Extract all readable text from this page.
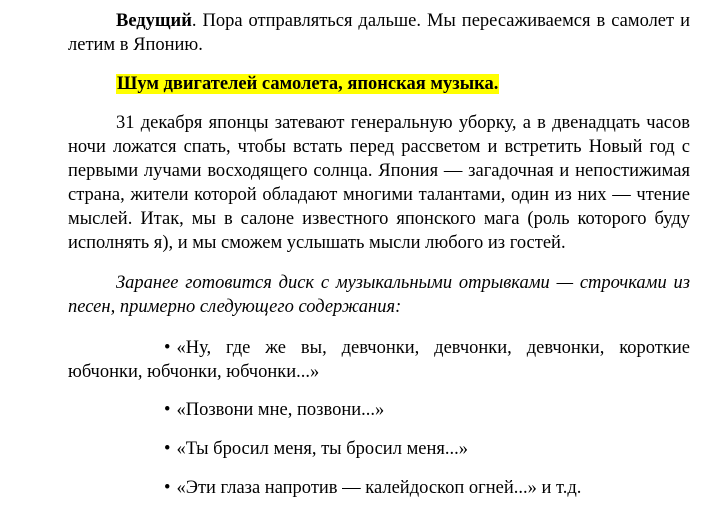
Ведущий. Пора отправляться дальше. Мы пересаживаемся в самолет и летим в Японию.

Шум двигателей самолета, японская музыка.

31 декабря японцы затевают генеральную уборку, а в двенадцать часов ночи ложатся спать, чтобы встать перед рассветом и встретить Новый год с первыми лучами восходящего солнца. Япония — загадочная и непостижимая страна, жители которой обладают многими талантами, один из них — чтение мыслей. Итак, мы в салоне известного японского мага (роль которого буду исполнять я), и мы сможем услышать мысли любого из гостей.

Заранее готовится диск с музыкальными отрывками — строчками из песен, примерно следующего содержания:

• «Ну, где же вы, девчонки, девчонки, девчонки, короткие юбчонки, юбчонки, юбчонки...»

• «Позвони мне, позвони...»

• «Ты бросил меня, ты бросил меня...»

• «Эти глаза напротив — калейдоскоп огней...» и т.д.
